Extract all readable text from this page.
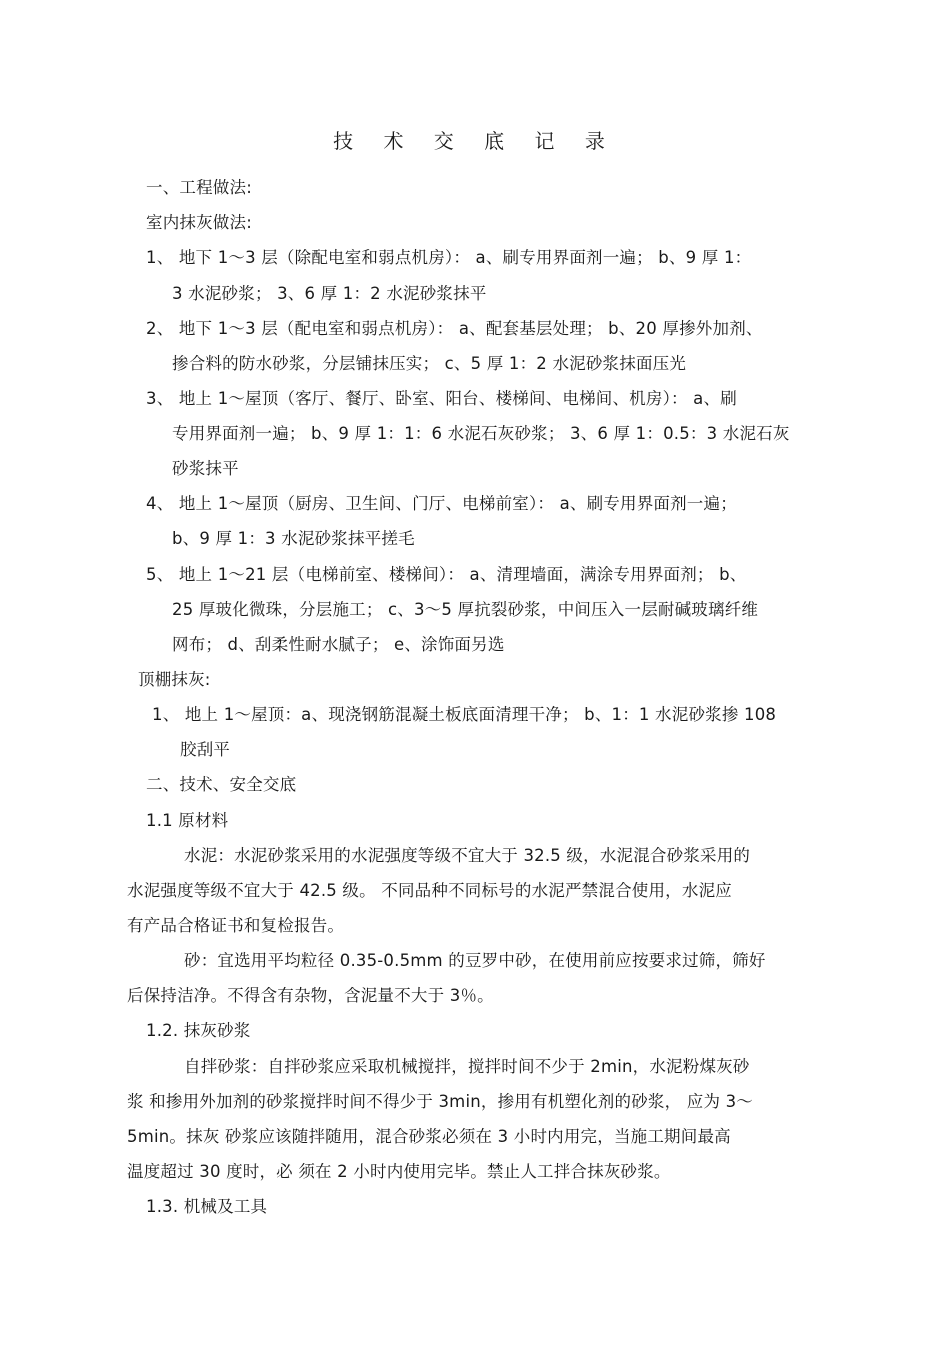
技 术 交 底 记 录
一、工程做法:
室内抹灰做法:
1、 地下 1～3 层（除配电室和弱点机房）： a、刷专用界面剂一遍； b、9 厚 1：
3 水泥砂浆； 3、6 厚 1：2 水泥砂浆抹平
2、 地下 1～3 层（配电室和弱点机房）： a、配套基层处理； b、20 厚掺外加剂、
掺合料的防水砂浆，分层铺抹压实； c、5 厚 1：2 水泥砂浆抹面压光
3、 地上 1～屋顶（客厅、餐厅、卧室、阳台、楼梯间、电梯间、机房）： a、刷
专用界面剂一遍； b、9 厚 1：1：6 水泥石灰砂浆； 3、6 厚 1：0.5：3 水泥石灰
砂浆抹平
4、 地上 1～屋顶（厨房、卫生间、门厅、电梯前室）： a、刷专用界面剂一遍；
b、9 厚 1：3 水泥砂浆抹平搓毛
5、 地上 1～21 层（电梯前室、楼梯间）： a、清理墙面，满涂专用界面剂； b、
25 厚玻化微珠，分层施工； c、3～5 厚抗裂砂浆，中间压入一层耐碱玻璃纤维
网布； d、刮柔性耐水腻子； e、涂饰面另选
顶棚抹灰:
1、 地上 1～屋顶：a、现浇钢筋混凝土板底面清理干净； b、1：1 水泥砂浆掺 108
胶刮平
二、技术、安全交底
1.1 原材料
水泥：水泥砂浆采用的水泥强度等级不宜大于 32.5 级，水泥混合砂浆采用的
水泥强度等级不宜大于 42.5 级。 不同品种不同标号的水泥严禁混合使用，水泥应
有产品合格证书和复检报告。
砂：宜选用平均粒径 0.35-0.5mm 的豆罗中砂，在使用前应按要求过筛，筛好
后保持洁净。不得含有杂物，含泥量不大于 3％。
1.2. 抹灰砂浆
自拌砂浆：自拌砂浆应采取机械搅拌，搅拌时间不少于 2min，水泥粉煤灰砂
浆 和掺用外加剂的砂浆搅拌时间不得少于 3min，掺用有机塑化剂的砂浆， 应为 3～
5min。抹灰 砂浆应该随拌随用，混合砂浆必须在 3 小时内用完，当施工期间最高
温度超过 30 度时，必 须在 2 小时内使用完毕。禁止人工拌合抹灰砂浆。
1.3. 机械及工具
